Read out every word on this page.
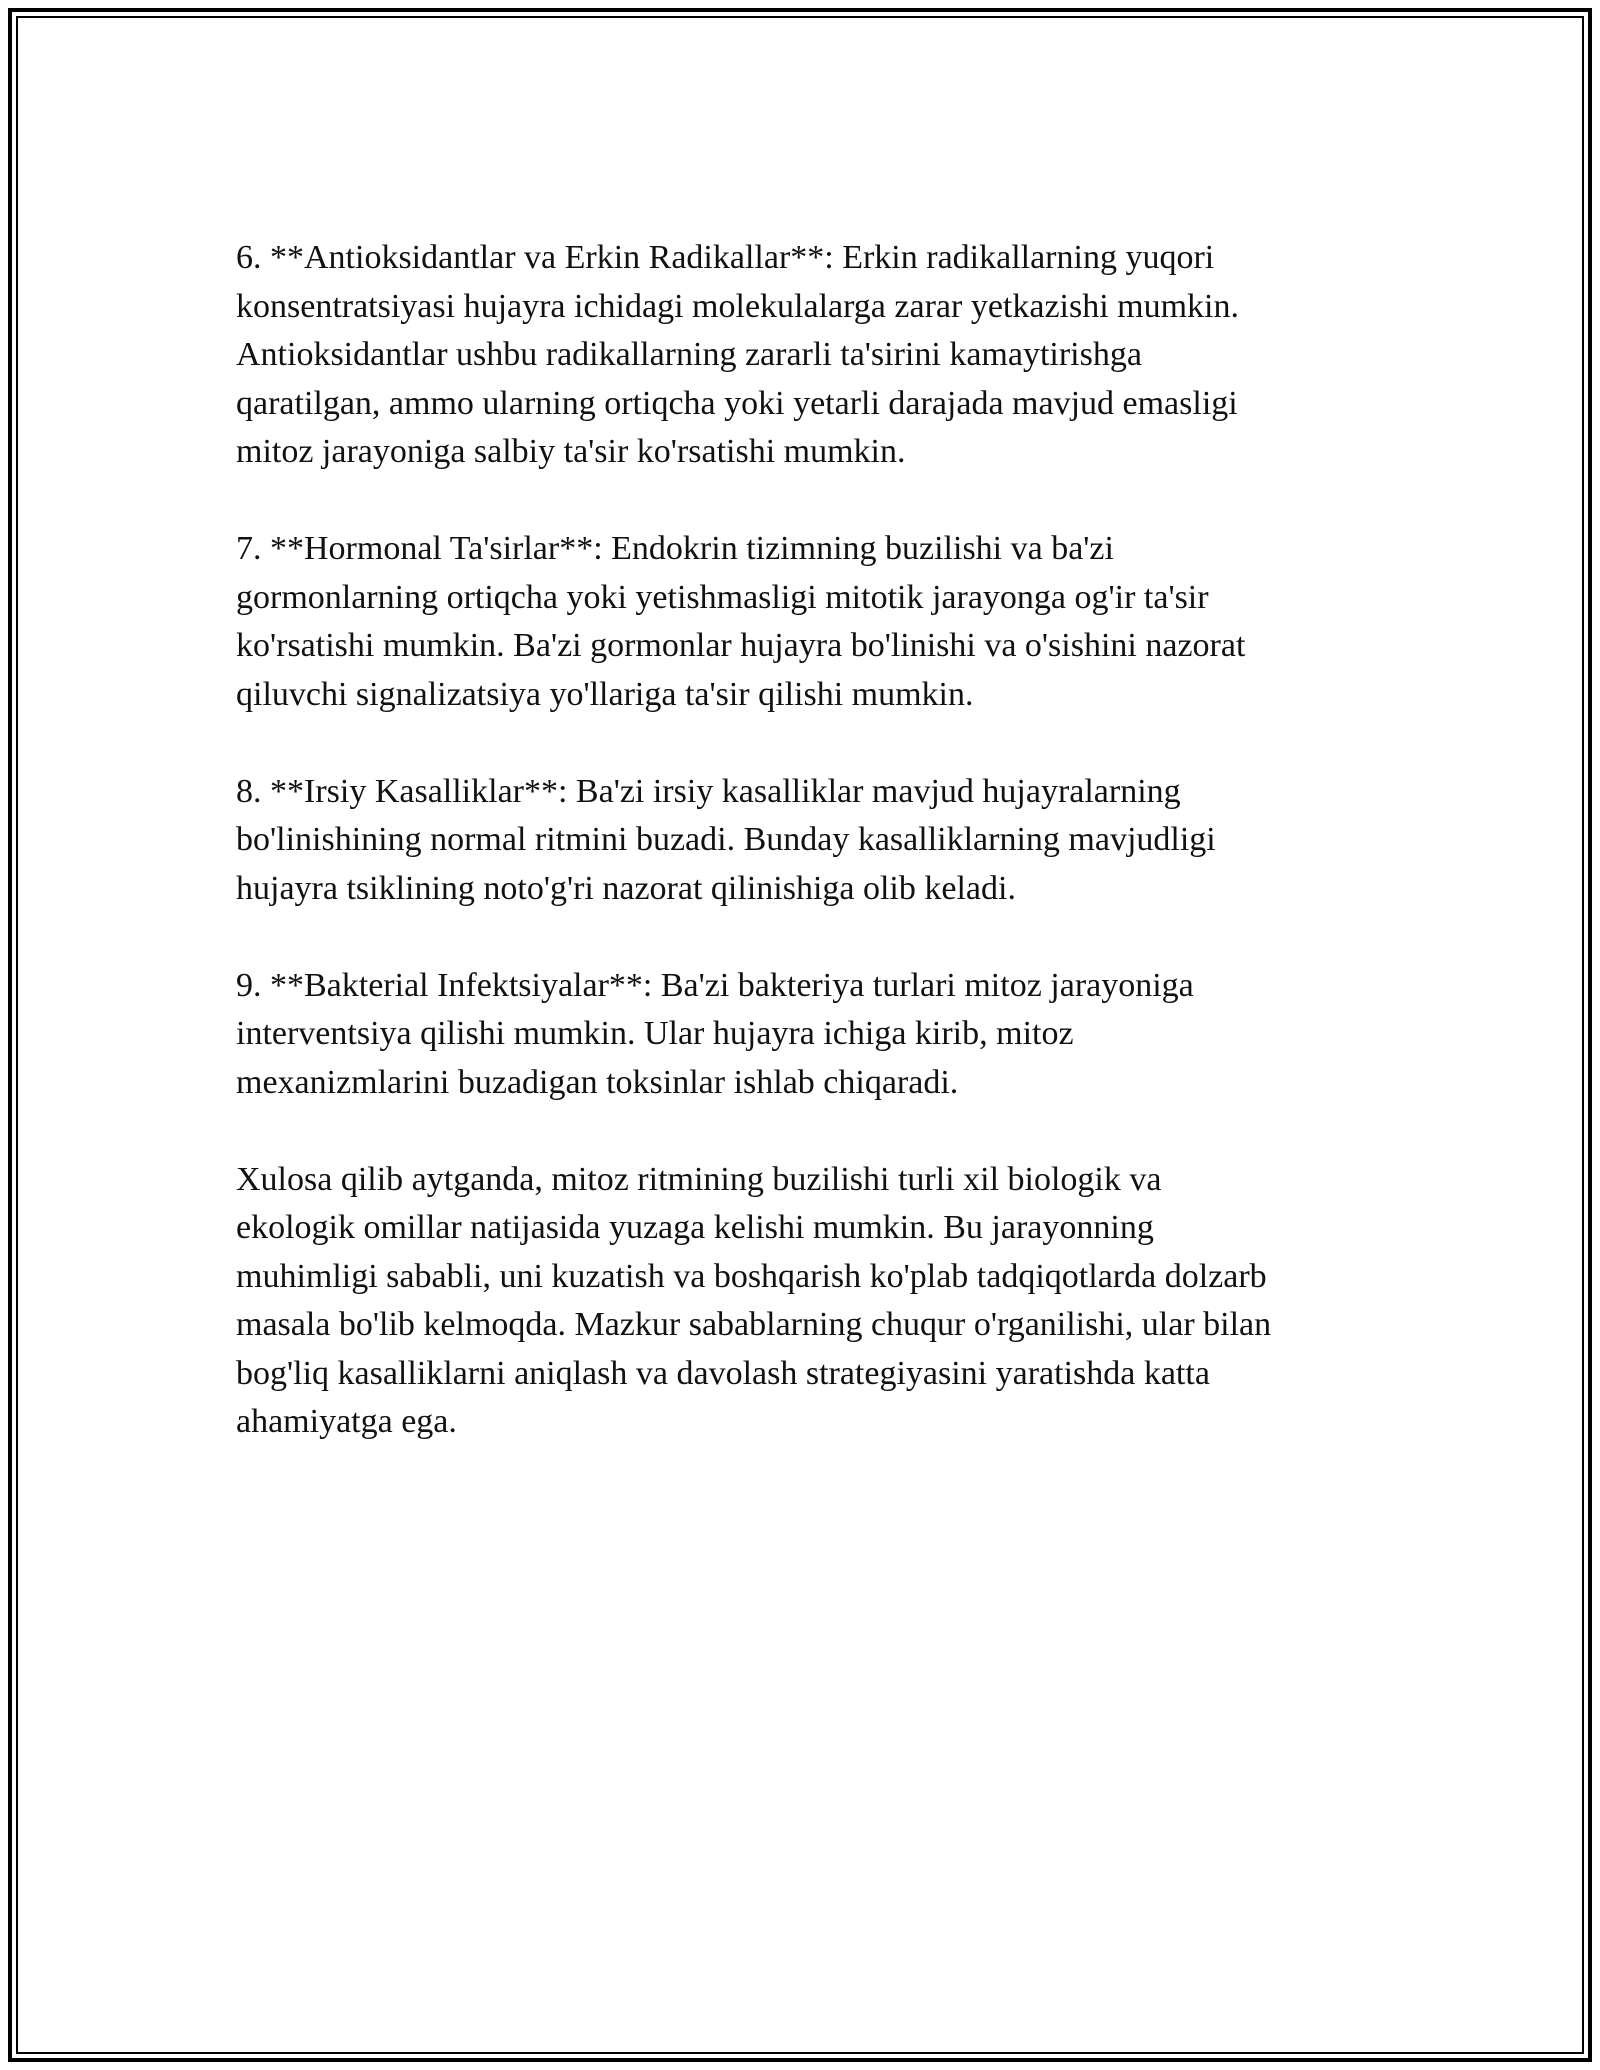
6. **Antioksidantlar va Erkin Radikallar**: Erkin radikallarning yuqori
konsentratsiyasi hujayra ichidagi molekulalarga zarar yetkazishi mumkin.
Antioksidantlar ushbu radikallarning zararli ta'sirini kamaytirishga
qaratilgan, ammo ularning ortiqcha yoki yetarli darajada mavjud emasligi
mitoz jarayoniga salbiy ta'sir ko'rsatishi mumkin.

7. **Hormonal Ta'sirlar**: Endokrin tizimning buzilishi va ba'zi
gormonlarning ortiqcha yoki yetishmasligi mitotik jarayonga og'ir ta'sir
ko'rsatishi mumkin. Ba'zi gormonlar hujayra bo'linishi va o'sishini nazorat
qiluvchi signalizatsiya yo'llariga ta'sir qilishi mumkin.

8. **Irsiy Kasalliklar**: Ba'zi irsiy kasalliklar mavjud hujayralarning
bo'linishining normal ritmini buzadi. Bunday kasalliklarning mavjudligi
hujayra tsiklining noto'g'ri nazorat qilinishiga olib keladi.

9. **Bakterial Infektsiyalar**: Ba'zi bakteriya turlari mitoz jarayoniga
interventsiya qilishi mumkin. Ular hujayra ichiga kirib, mitoz
mexanizmlarini buzadigan toksinlar ishlab chiqaradi.

Xulosa qilib aytganda, mitoz ritmining buzilishi turli xil biologik va
ekologik omillar natijasida yuzaga kelishi mumkin. Bu jarayonning
muhimligi sababli, uni kuzatish va boshqarish ko'plab tadqiqotlarda dolzarb
masala bo'lib kelmoqda. Mazkur sabablarning chuqur o'rganilishi, ular bilan
bog'liq kasalliklarni aniqlash va davolash strategiyasini yaratishda katta
ahamiyatga ega.
